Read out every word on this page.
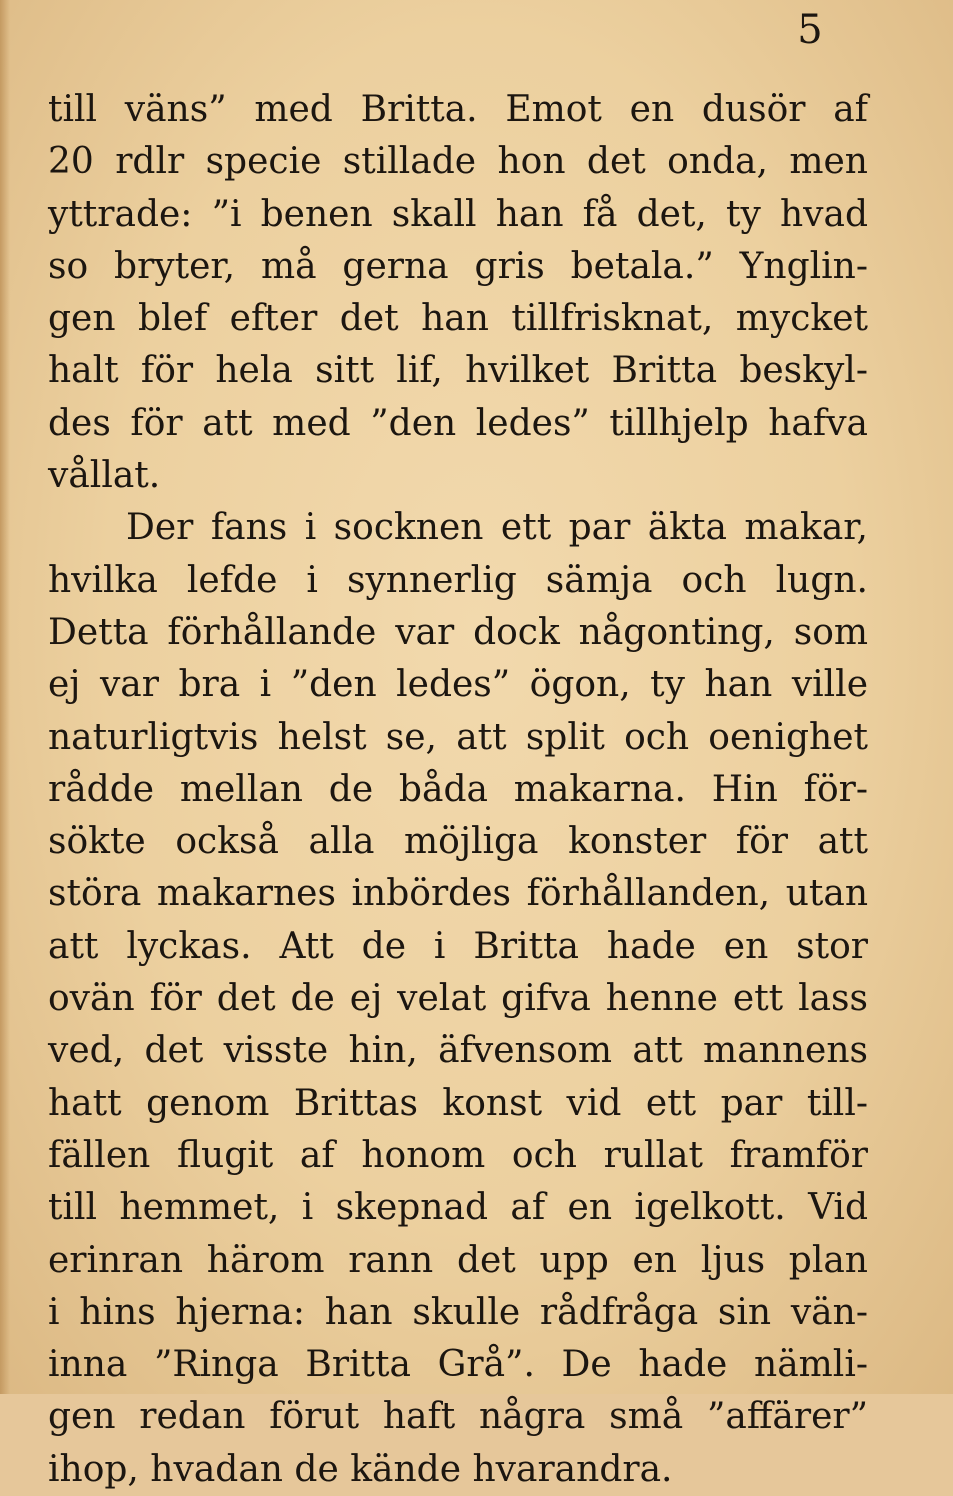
5
till väns” med Britta. Emot en dusör af
20 rdlr specie stillade hon det onda, men
yttrade: ”i benen skall han få det, ty hvad
so bryter, må gerna gris betala.” Ynglin-
gen blef efter det han tillfrisknat, mycket
halt för hela sitt lif, hvilket Britta beskyl-
des för att med ”den ledes” tillhjelp hafva
vållat.
Der fans i socknen ett par äkta makar,
hvilka lefde i synnerlig sämja och lugn.
Detta förhållande var dock någonting, som
ej var bra i ”den ledes” ögon, ty han ville
naturligtvis helst se, att split och oenighet
rådde mellan de båda makarna. Hin för-
sökte också alla möjliga konster för att
störa makarnes inbördes förhållanden, utan
att lyckas. Att de i Britta hade en stor
ovän för det de ej velat gifva henne ett lass
ved, det visste hin, äfvensom att mannens
hatt genom Brittas konst vid ett par till-
fällen flugit af honom och rullat framför
till hemmet, i skepnad af en igelkott. Vid
erinran härom rann det upp en ljus plan
i hins hjerna: han skulle rådfråga sin vän-
inna ”Ringa Britta Grå”. De hade nämli-
gen redan förut haft några små ”affärer”
ihop, hvadan de kände hvarandra.
